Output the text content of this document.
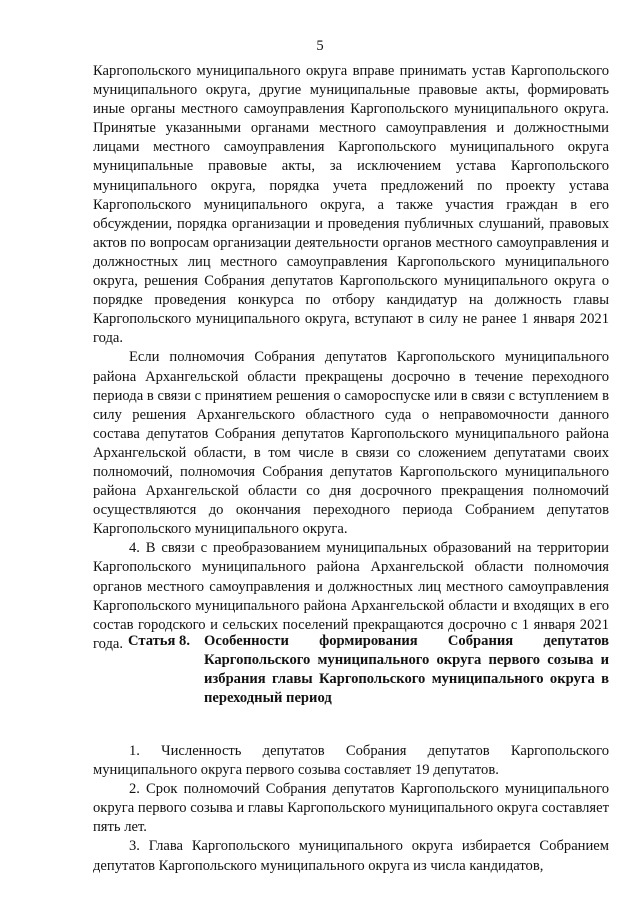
5

Каргопольского муниципального округа вправе принимать устав Каргопольского муниципального округа, другие муниципальные правовые акты, формировать иные органы местного самоуправления Каргопольского муниципального округа. Принятые указанными органами местного самоуправления и должностными лицами местного самоуправления Каргопольского муниципального округа муниципальные правовые акты, за исключением устава Каргопольского муниципального округа, порядка учета предложений по проекту устава Каргопольского муниципального округа, а также участия граждан в его обсуждении, порядка организации и проведения публичных слушаний, правовых актов по вопросам организации деятельности органов местного самоуправления и должностных лиц местного самоуправления Каргопольского муниципального округа, решения Собрания депутатов Каргопольского муниципального округа о порядке проведения конкурса по отбору кандидатур на должность главы Каргопольского муниципального округа, вступают в силу не ранее 1 января 2021 года.

Если полномочия Собрания депутатов Каргопольского муниципального района Архангельской области прекращены досрочно в течение переходного периода в связи с принятием решения о самороспуске или в связи с вступлением в силу решения Архангельского областного суда о неправомочности данного состава депутатов Собрания депутатов Каргопольского муниципального района Архангельской области, в том числе в связи со сложением депутатами своих полномочий, полномочия Собрания депутатов Каргопольского муниципального района Архангельской области со дня досрочного прекращения полномочий осуществляются до окончания переходного периода Собранием депутатов Каргопольского муниципального округа.

4. В связи с преобразованием муниципальных образований на территории Каргопольского муниципального района Архангельской области полномочия органов местного самоуправления и должностных лиц местного самоуправления Каргопольского муниципального района Архангельской области и входящих в его состав городского и сельских поселений прекращаются досрочно с 1 января 2021 года. Статья 8. Особенности формирования Собрания депутатов Каргопольского муниципального округа первого созыва и избрания главы Каргопольского муниципального округа в переходный период

1. Численность депутатов Собрания депутатов Каргопольского муниципального округа первого созыва составляет 19 депутатов.

2. Срок полномочий Собрания депутатов Каргопольского муниципального округа первого созыва и главы Каргопольского муниципального округа составляет пять лет.

3. Глава Каргопольского муниципального округа избирается Собранием депутатов Каргопольского муниципального округа из числа кандидатов,
